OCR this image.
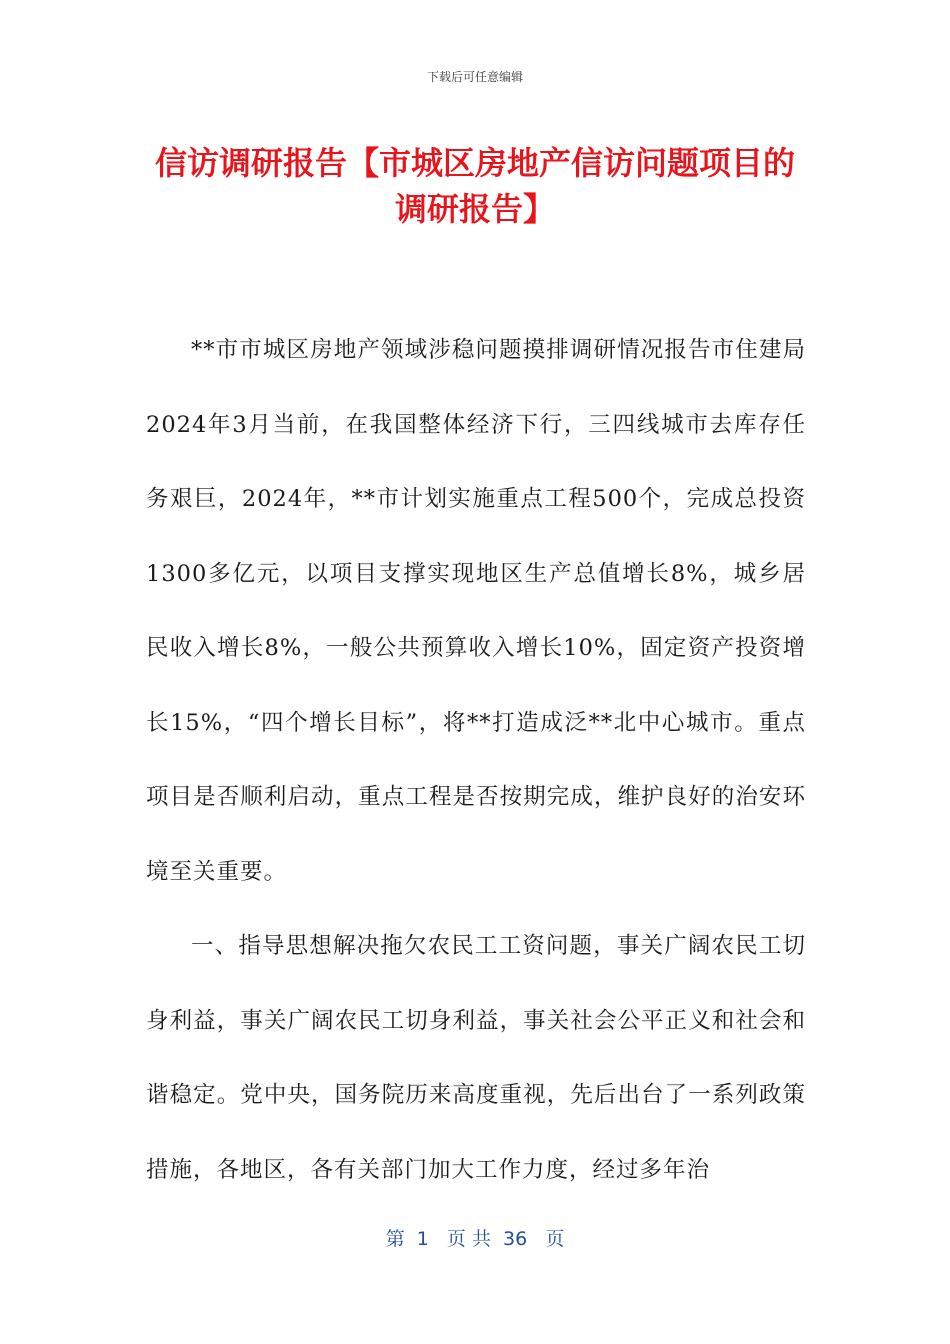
下载后可任意编辑
信访调研报告【市城区房地产信访问题项目的调研报告】

**市市城区房地产领域涉稳问题摸排调研情况报告市住建局2024年3月当前，在我国整体经济下行，三四线城市去库存任务艰巨，2024年，**市计划实施重点工程500个，完成总投资1300多亿元，以项目支撑实现地区生产总值增长8%，城乡居民收入增长8%，一般公共预算收入增长10%，固定资产投资增长15%，“四个增长目标”，将**打造成泛**北中心城市。重点项目是否顺利启动，重点工程是否按期完成，维护良好的治安环境至关重要。

一、指导思想解决拖欠农民工工资问题，事关广阔农民工切身利益，事关广阔农民工切身利益，事关社会公平正义和社会和谐稳定。党中央，国务院历来高度重视，先后出台了一系列政策措施，各地区，各有关部门加大工作力度，经过多年治

第  1   页 共  36   页
